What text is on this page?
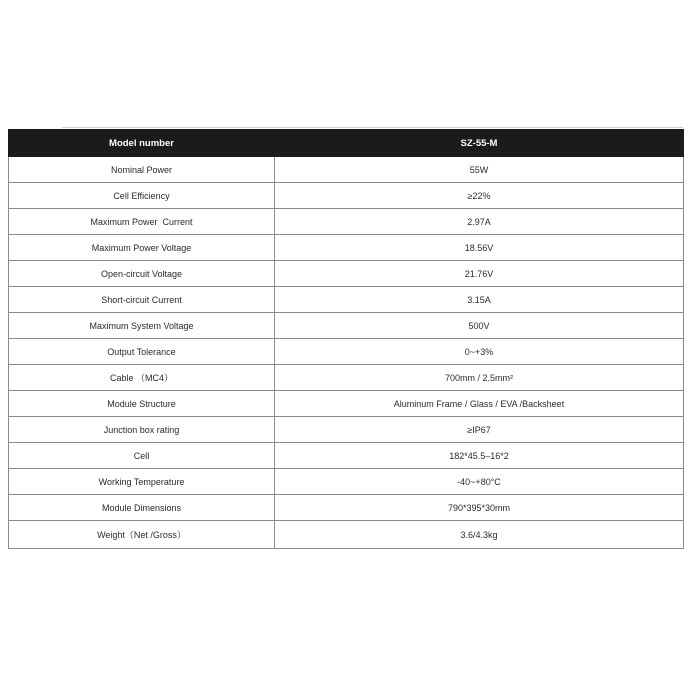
Model number	SZ-55-M
Nominal Power	55W
Cell Efficiency	≥22%
Maximum Power  Current	2.97A
Maximum Power Voltage	18.56V
Open-circuit Voltage	21.76V
Short-circuit Current	3.15A
Maximum System Voltage	500V
Output Tolerance	0~+3%
Cable （MC4）	700mm / 2.5mm²
Module Structure	Aluminum Frame / Glass / EVA /Backsheet
Junction box rating	≥IP67
Cell	182*45.5–16*2
Working Temperature	-40~+80°C
Module Dimensions	790*395*30mm
Weight（Net /Gross）	3.6/4.3kg
